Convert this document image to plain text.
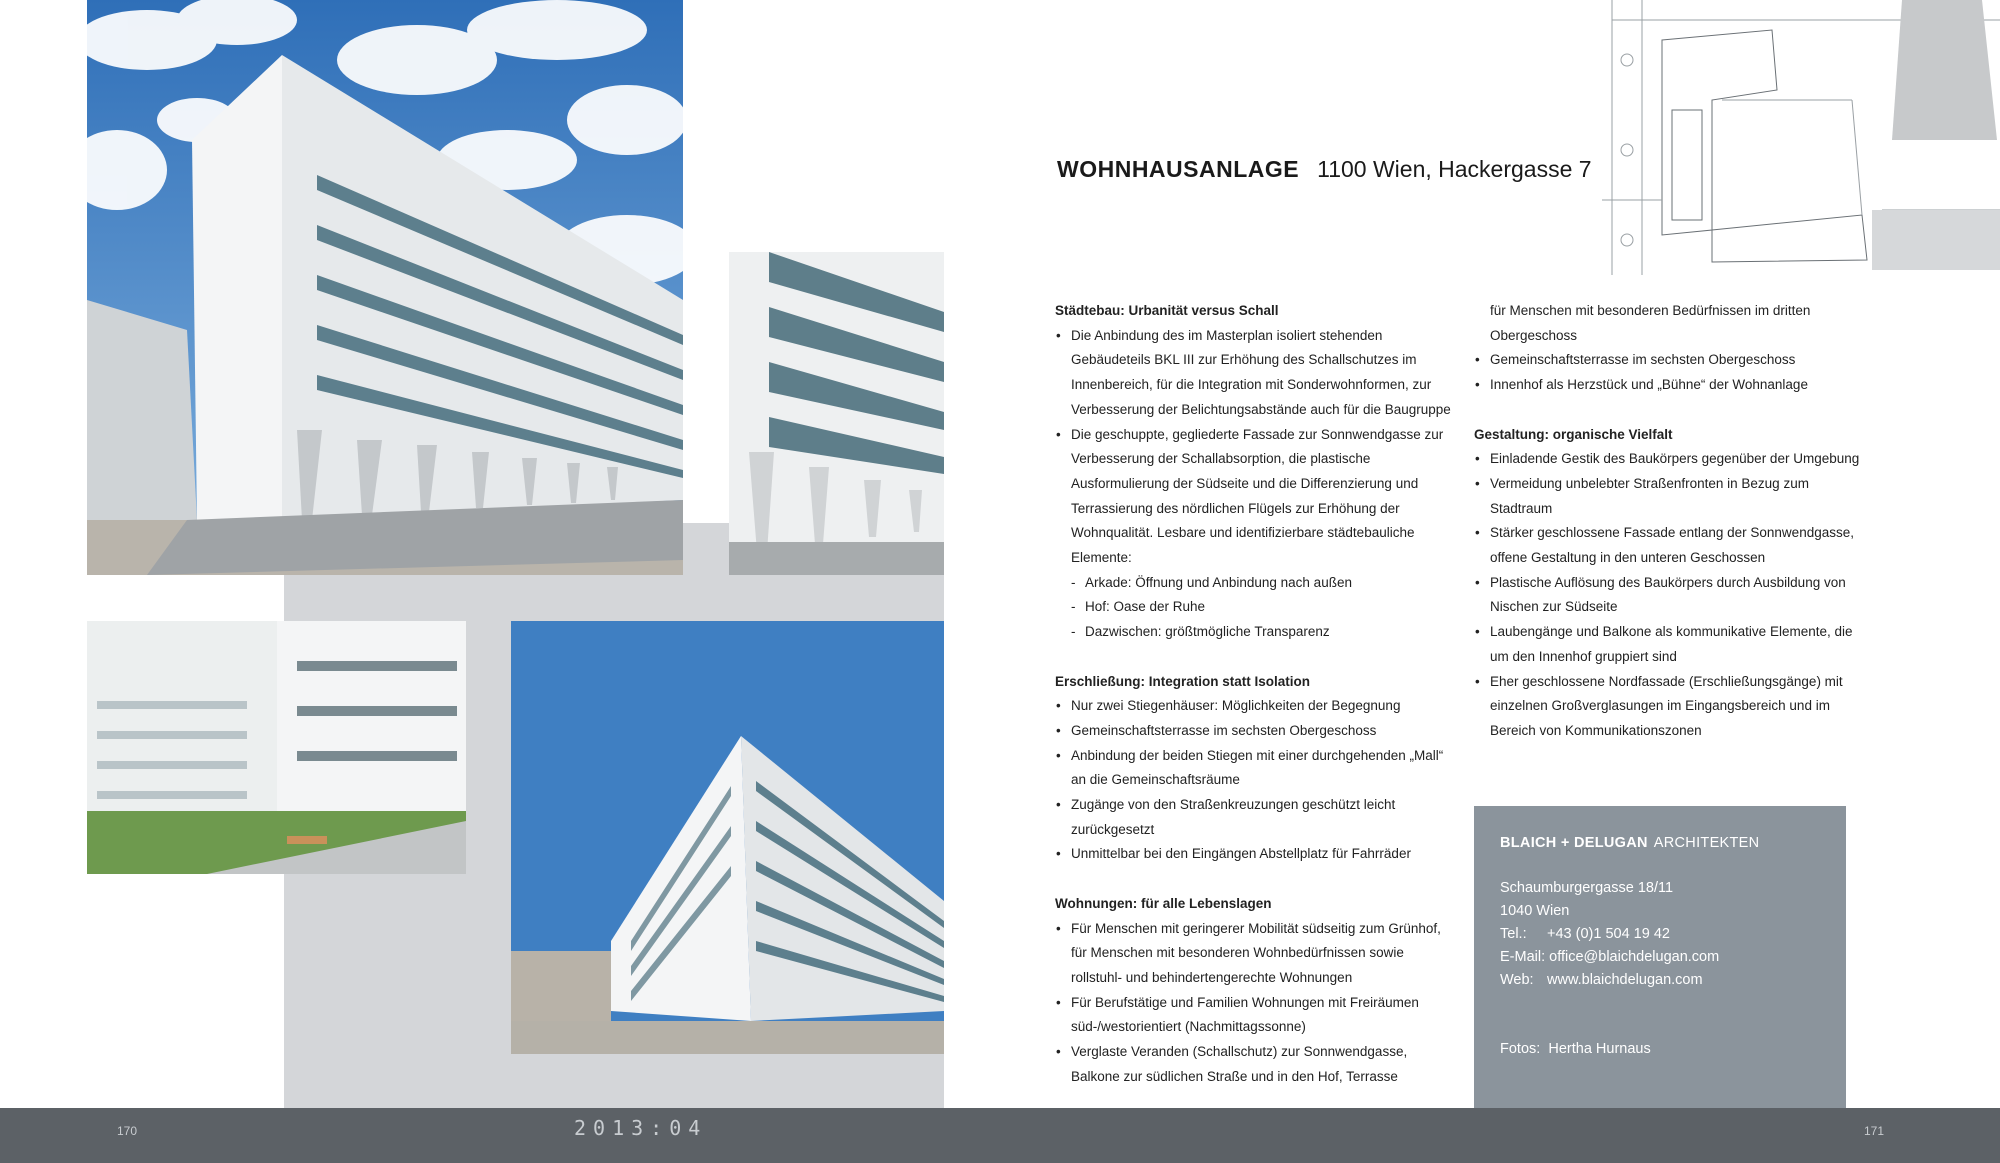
WOHNHAUSANLAGE 1100 Wien, Hackergasse 7
Städtebau: Urbanität versus Schall
• Die Anbindung des im Masterplan isoliert stehenden Gebäudeteils BKL III zur Erhöhung des Schallschutzes im Innenbereich, für die Integration mit Sonderwohnformen, zur Verbesserung der Belichtungsabstände auch für die Baugruppe
• Die geschuppte, gegliederte Fassade zur Sonnwendgasse zur Verbesserung der Schallabsorption, die plastische Ausformulierung der Südseite und die Differenzierung und Terrassierung des nördlichen Flügels zur Erhöhung der Wohnqualität. Lesbare und identifizierbare städtebauliche Elemente:
- Arkade: Öffnung und Anbindung nach außen
- Hof: Oase der Ruhe
- Dazwischen: größtmögliche Transparenz
Erschließung: Integration statt Isolation
• Nur zwei Stiegenhäuser: Möglichkeiten der Begegnung
• Gemeinschaftsterrasse im sechsten Obergeschoss
• Anbindung der beiden Stiegen mit einer durchgehenden „Mall“ an die Gemeinschaftsräume
• Zugänge von den Straßenkreuzungen geschützt leicht zurückgesetzt
• Unmittelbar bei den Eingängen Abstellplatz für Fahrräder
Wohnungen: für alle Lebenslagen
• Für Menschen mit geringerer Mobilität südseitig zum Grünhof, für Menschen mit besonderen Wohnbedürfnissen sowie rollstuhl- und behindertengerechte Wohnungen
• Für Berufstätige und Familien Wohnungen mit Freiräumen süd-/westorientiert (Nachmittagssonne)
• Verglaste Veranden (Schallschutz) zur Sonnwendgasse, Balkone zur südlichen Straße und in den Hof, Terrasse
für Menschen mit besonderen Bedürfnissen im dritten Obergeschoss
• Gemeinschaftsterrasse im sechsten Obergeschoss
• Innenhof als Herzstück und „Bühne“ der Wohnanlage
Gestaltung: organische Vielfalt
• Einladende Gestik des Baukörpers gegenüber der Umgebung
• Vermeidung unbelebter Straßenfronten in Bezug zum Stadtraum
• Stärker geschlossene Fassade entlang der Sonnwendgasse, offene Gestaltung in den unteren Geschossen
• Plastische Auflösung des Baukörpers durch Ausbildung von Nischen zur Südseite
• Laubengänge und Balkone als kommunikative Elemente, die um den Innenhof gruppiert sind
• Eher geschlossene Nordfassade (Erschließungsgänge) mit einzelnen Großverglasungen im Eingangsbereich und im Bereich von Kommunikationszonen
BLAICH + DELUGAN ARCHITEKTEN
Schaumburgergasse 18/11
1040 Wien
Tel.: +43 (0)1 504 19 42
E-Mail: office@blaichdelugan.com
Web: www.blaichdelugan.com
Fotos: Hertha Hurnaus
170	2013:04	171
